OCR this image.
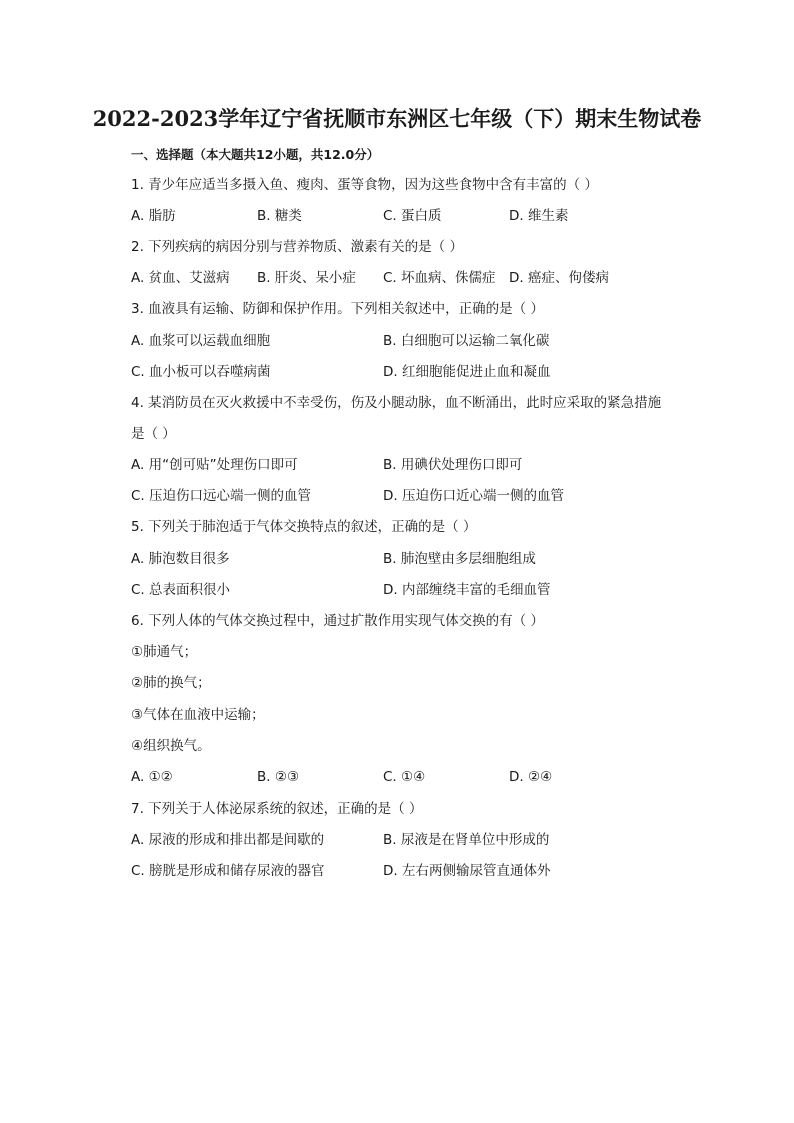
2022-2023学年辽宁省抚顺市东洲区七年级（下）期末生物试卷
一、选择题（本大题共12小题，共12.0分）
1. 青少年应适当多摄入鱼、瘦肉、蛋等食物，因为这些食物中含有丰富的（ ）
A. 脂肪	B. 糖类	C. 蛋白质	D. 维生素
2. 下列疾病的病因分别与营养物质、激素有关的是（ ）
A. 贫血、艾滋病 B. 肝炎、呆小症 C. 坏血病、侏儒症 D. 癌症、佝偻病
3. 血液具有运输、防御和保护作用。下列相关叙述中，正确的是（ ）
A. 血浆可以运载血细胞	B. 白细胞可以运输二氧化碳
C. 血小板可以吞噬病菌	D. 红细胞能促进止血和凝血
4. 某消防员在灭火救援中不幸受伤，伤及小腿动脉，血不断涌出，此时应采取的紧急措施
是（ ）
A. 用“创可贴”处理伤口即可	B. 用碘伏处理伤口即可
C. 压迫伤口远心端一侧的血管	D. 压迫伤口近心端一侧的血管
5. 下列关于肺泡适于气体交换特点的叙述，正确的是（ ）
A. 肺泡数目很多	B. 肺泡壁由多层细胞组成
C. 总表面积很小	D. 内部缠绕丰富的毛细血管
6. 下列人体的气体交换过程中，通过扩散作用实现气体交换的有（ ）
①肺通气；
②肺的换气；
③气体在血液中运输；
④组织换气。
A. ①②	B. ②③	C. ①④	D. ②④
7. 下列关于人体泌尿系统的叙述，正确的是（ ）
A. 尿液的形成和排出都是间歇的	B. 尿液是在肾单位中形成的
C. 膀胱是形成和储存尿液的器官	D. 左右两侧输尿管直通体外
